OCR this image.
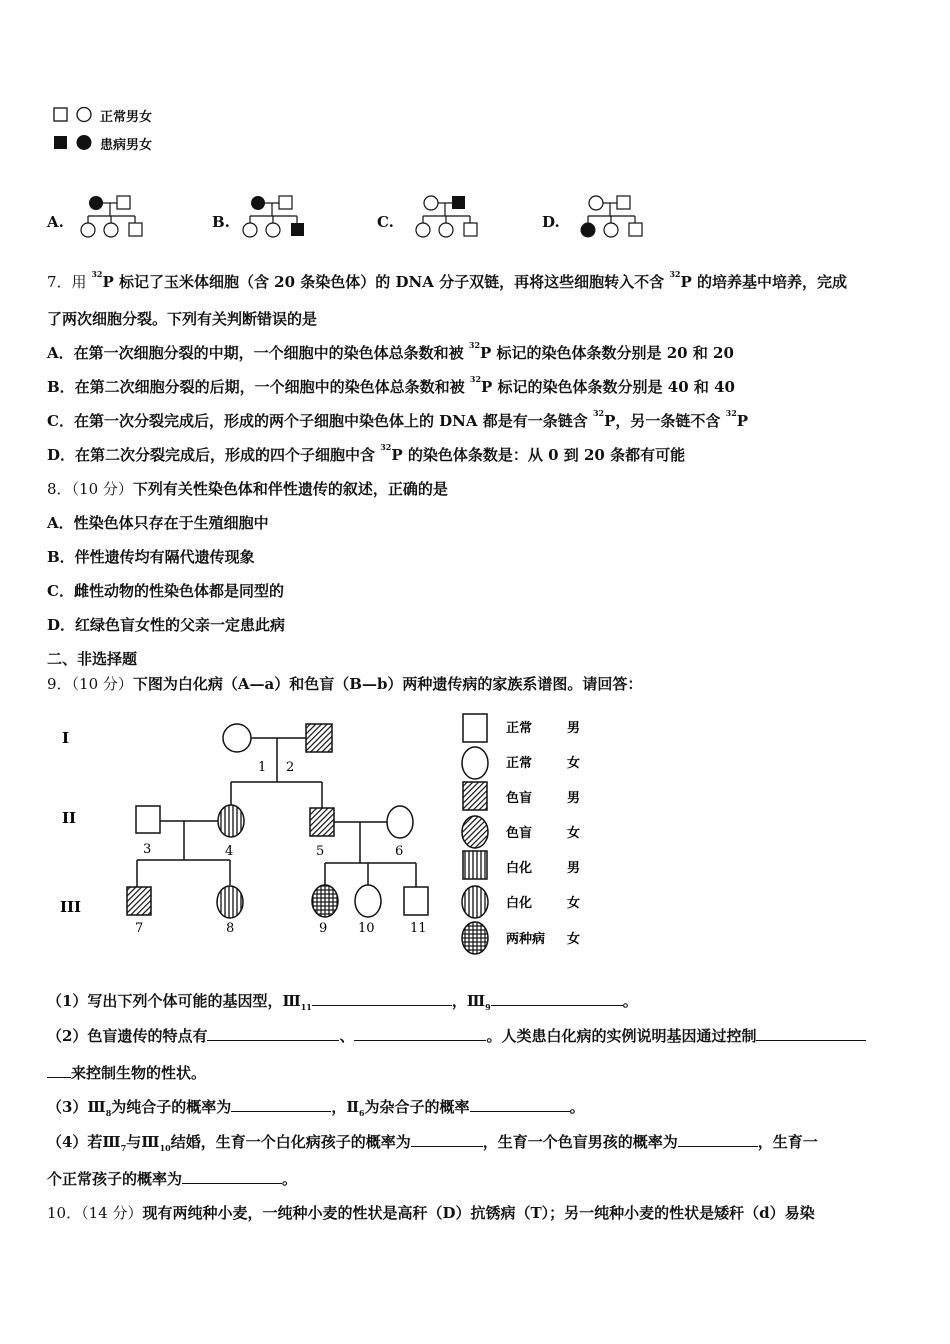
正常男女
患病男女
A.	B.	C.	D.
7．用 $^{32}$P 标记了玉米体细胞（含 20 条染色体）的 DNA 分子双链，再将这些细胞转入不含 $^{32}$P 的培养基中培养，完成
了两次细胞分裂。下列有关判断错误的是
A．在第一次细胞分裂的中期，一个细胞中的染色体总条数和被 $^{32}$P 标记的染色体条数分别是 20 和 20
B．在第二次细胞分裂的后期，一个细胞中的染色体总条数和被 $^{32}$P 标记的染色体条数分别是 40 和 40
C．在第一次分裂完成后，形成的两个子细胞中染色体上的 DNA 都是有一条链含 $^{32}$P，另一条链不含 $^{32}$P
D．在第二次分裂完成后，形成的四个子细胞中含 $^{32}$P 的染色体条数是：从 0 到 20 条都有可能
8．（10 分）下列有关性染色体和伴性遗传的叙述，正确的是
A．性染色体只存在于生殖细胞中
B．伴性遗传均有隔代遗传现象
C．雌性动物的性染色体都是同型的
D．红绿色盲女性的父亲一定患此病
二、非选择题
9．（10 分）下图为白化病（A—a）和色盲（B—b）两种遗传病的家族系谱图。请回答：
I
II
III
1 2
3	4	5	6
7	8	9 10	11
正常	男
正常	女
色盲	男
色盲	女
白化	男
白化	女
两种病 女
（1）写出下列个体可能的基因型，$Ⅲ_{11}$	，$Ⅲ_9$	。
（2）色盲遗传的特点有	、	。人类患白化病的实例说明基因通过控制
来控制生物的性状。
$(3)Ⅲ_8$为纯合子的概率为	，$Ⅱ_6$为杂合子的概率	。
（4）若$Ⅲ_7$与$Ⅲ_{10}$结婚，生育一个白化病孩子的概率为	，生育一个色盲男孩的概率为	，生育一
个正常孩子的概率为	。
10．（14 分）现有两纯种小麦，一纯种小麦的性状是高秆（D）抗锈病（T）；另一纯种小麦的性状是矮秆（d）易染
